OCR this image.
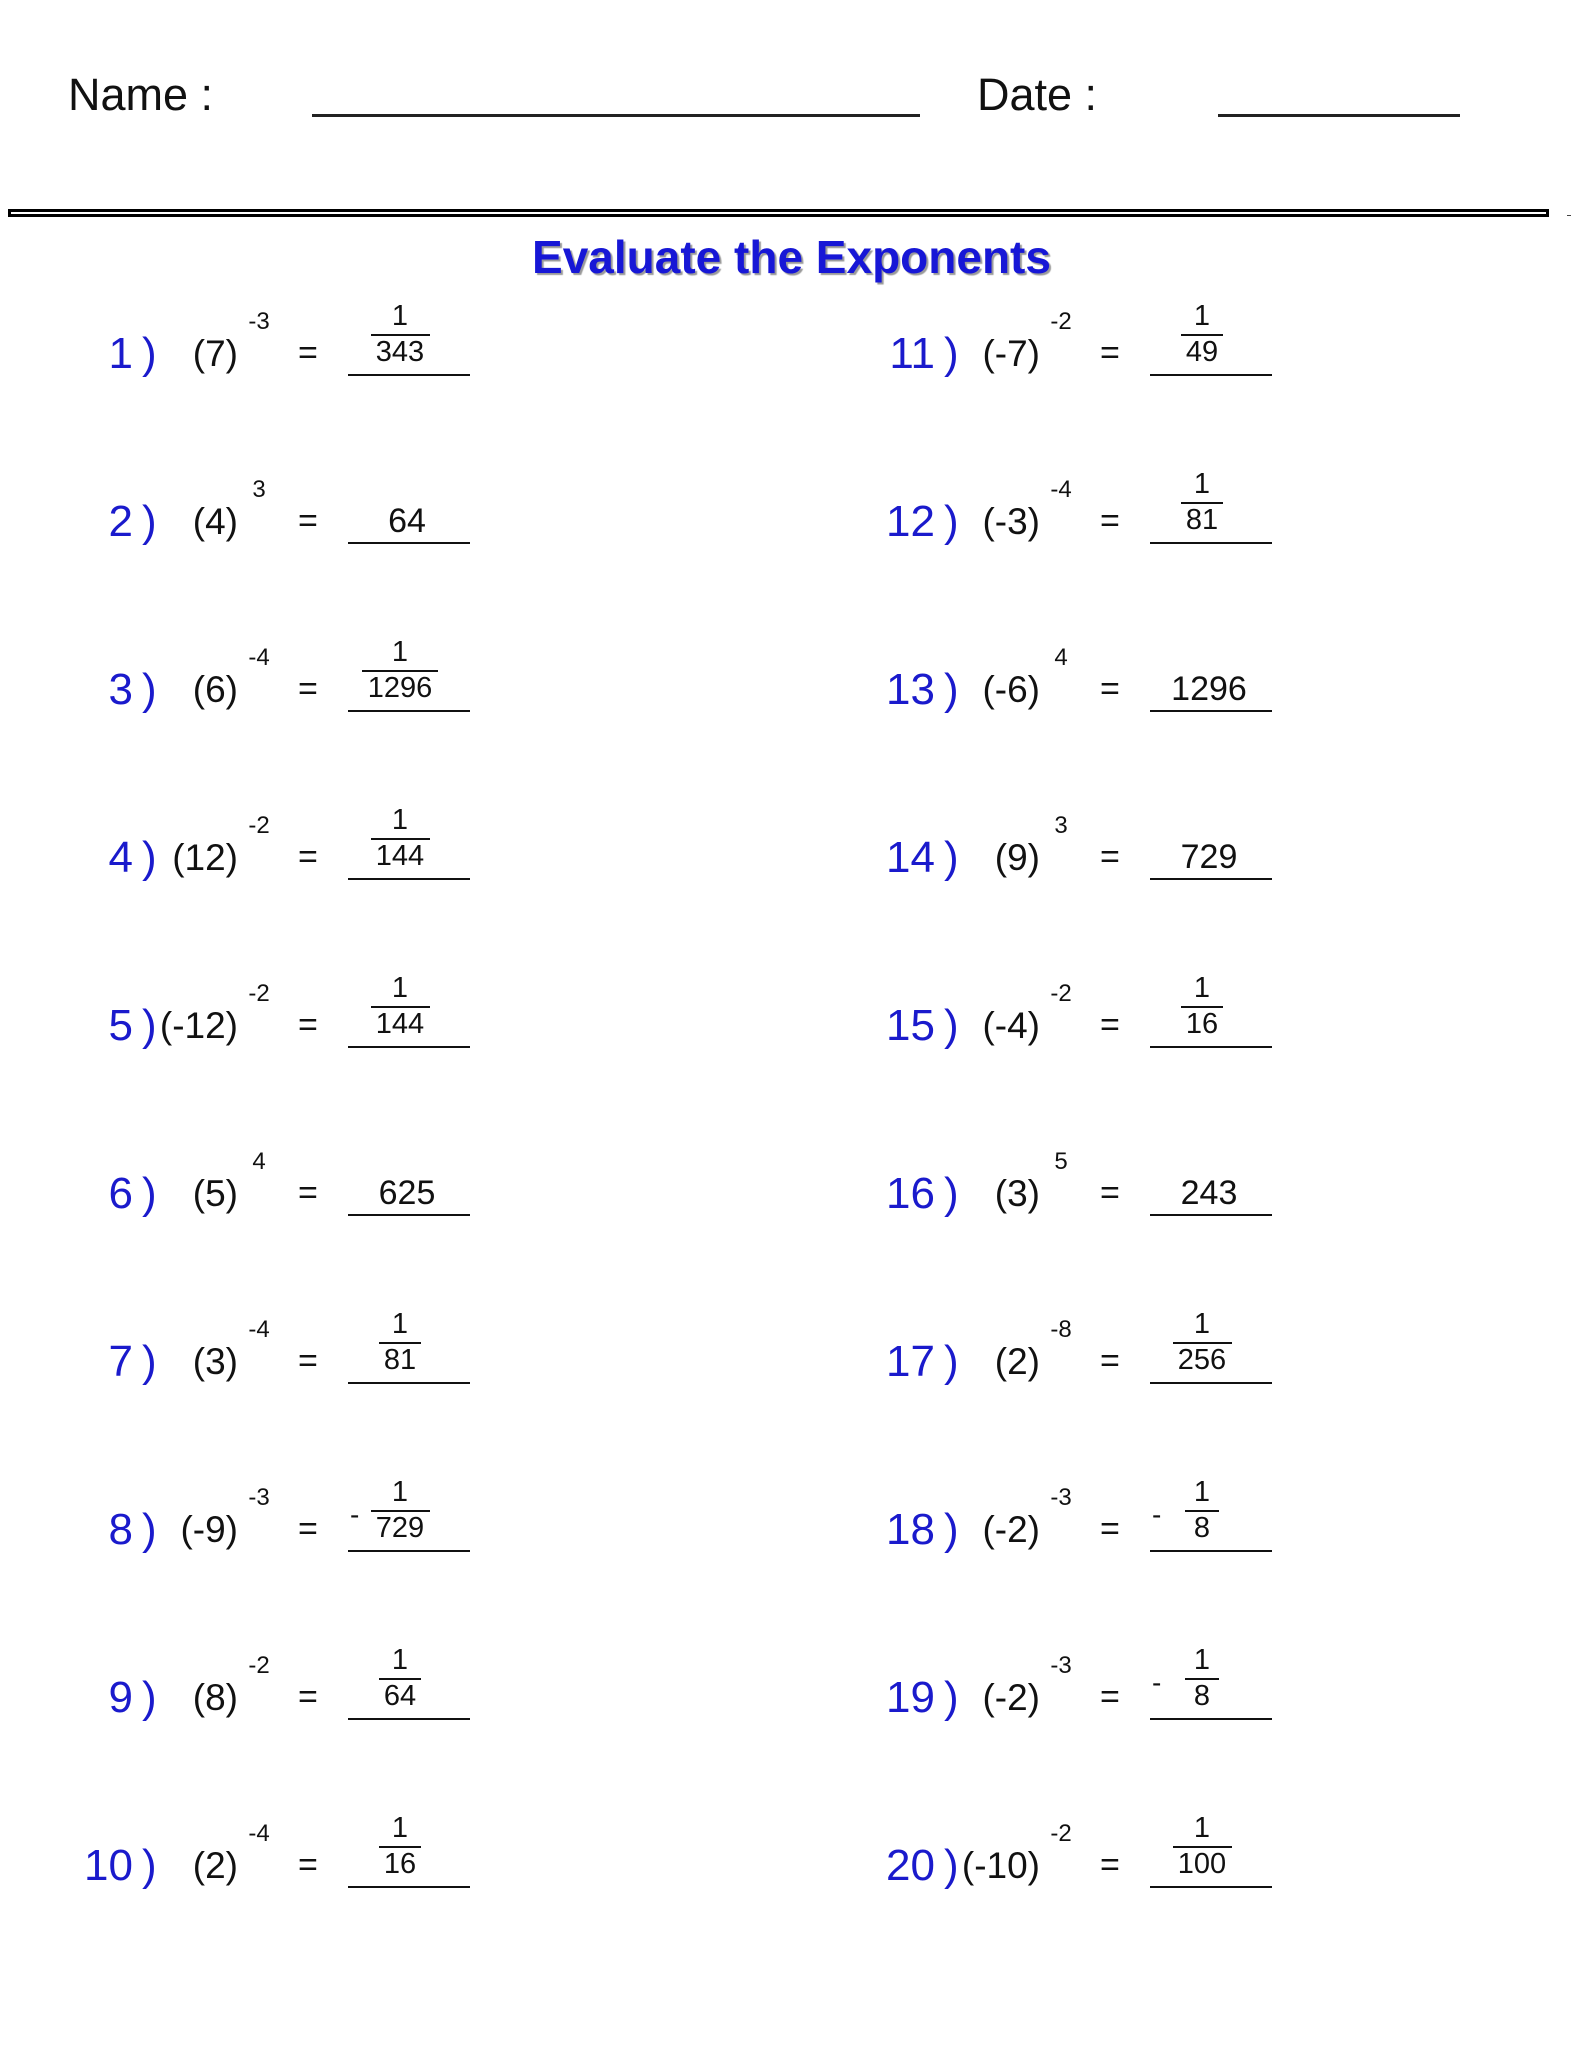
Name :	Date :
Evaluate the Exponents
1 ) (7)
-3
=
1
343
2 ) (4)
3
=	64
3 ) (6)
-4
=
1
1296
4 ) (12)
-2
=
1
144
5 ) (-12)
-2
=
1
144
6 ) (5)
4
=	625
7 ) (3)
-4
=
1
81
8 ) (-9)
-3
= -
1
729
9 ) (8)
-2
=
1
64
10 ) (2)
-4
=
1
16
11 ) (-7)
-2
=
1
49
12 ) (-3)
-4
=
1
81
13 ) (-6)
4
=	1296
14 ) (9)
3
=	729
15 ) (-4)
-2
=
1
16
16 ) (3)
5
=	243
17 ) (2)
-8
=
1
256
18 ) (-2)
-3
= -
1
8
19 ) (-2)
-3
= -
1
8
20 ) (-10)
-2
=
1
100
